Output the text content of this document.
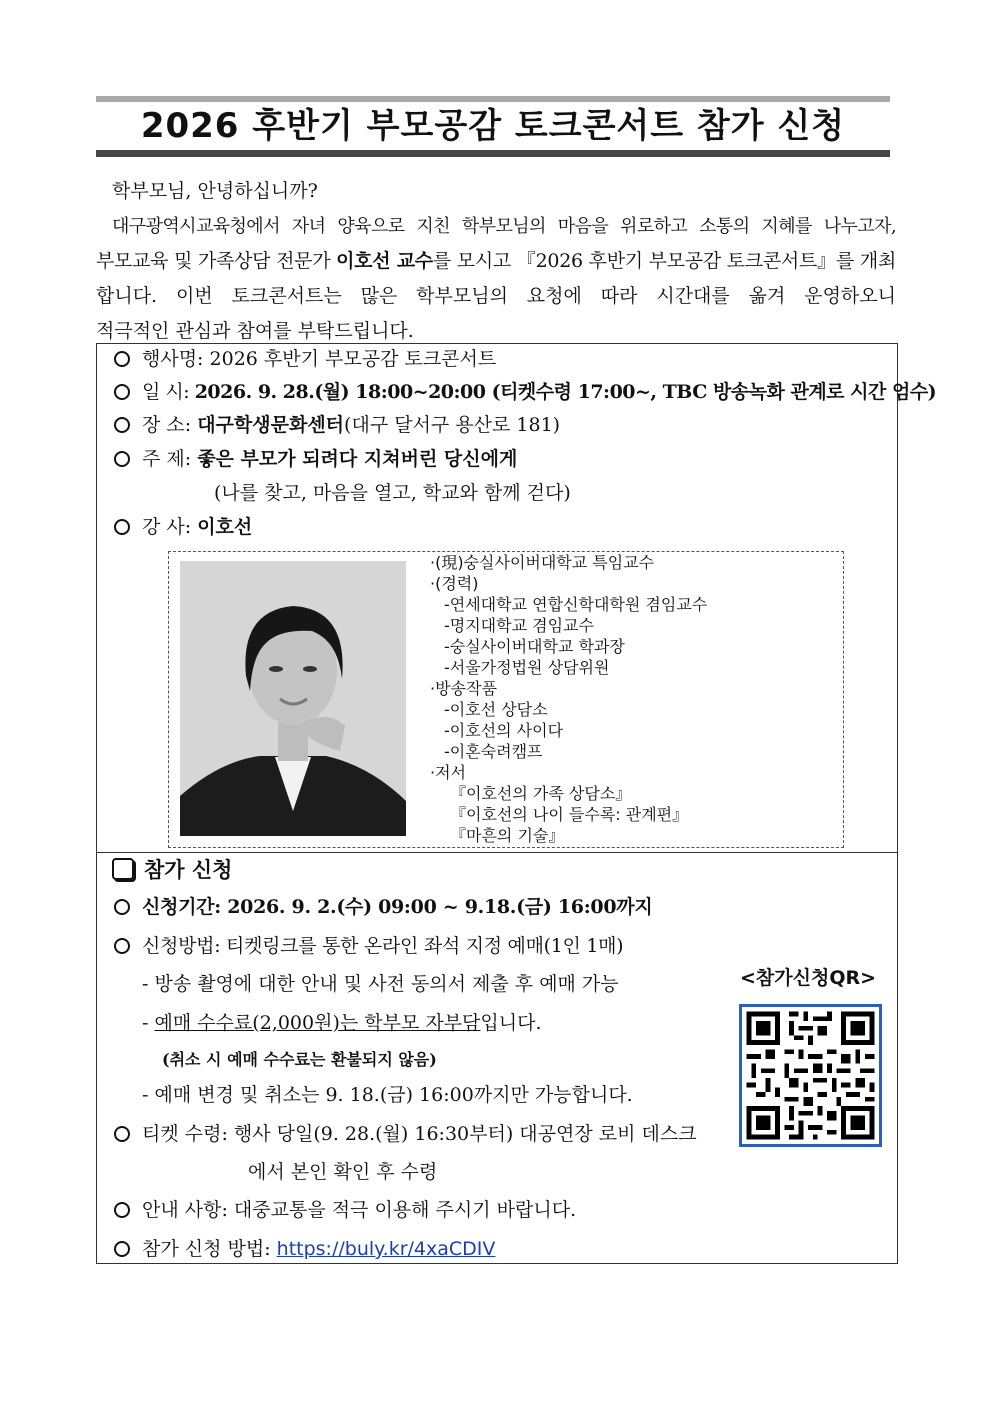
2026 후반기 부모공감 토크콘서트 참가 신청

학부모님, 안녕하십니까?

대구광역시교육청에서 자녀 양육으로 지친 학부모님의 마음을 위로하고 소통의 지혜를 나누고자,

부모교육 및 가족상담 전문가 이호선 교수를 모시고 『2026 후반기 부모공감 토크콘서트』를 개최

합니다. 이번 토크콘서트는 많은 학부모님의 요청에 따라 시간대를 옮겨 운영하오니

적극적인 관심과 참여를 부탁드립니다.

행사명: 2026 후반기 부모공감 토크콘서트
일 시: 2026. 9. 28.(월) 18:00~20:00 (티켓수령 17:00~, TBC 방송녹화 관계로 시간 엄수)
장 소: 대구학생문화센터(대구 달서구 용산로 181)
주 제: 좋은 부모가 되려다 지쳐버린 당신에게
(나를 찾고, 마음을 열고, 학교와 함께 걷다)
강 사: 이호선
·(現)숭실사이버대학교 특임교수
·(경력)
-연세대학교 연합신학대학원 겸임교수
-명지대학교 겸임교수
-숭실사이버대학교 학과장
-서울가정법원 상담위원
·방송작품
-이호선 상담소
-이호선의 사이다
-이혼숙려캠프
·저서
『이호선의 가족 상담소』
『이호선의 나이 들수록: 관계편』
『마흔의 기술』
참가 신청
신청기간: 2026. 9. 2.(수) 09:00 ~ 9.18.(금) 16:00까지
신청방법: 티켓링크를 통한 온라인 좌석 지정 예매(1인 1매)
- 방송 촬영에 대한 안내 및 사전 동의서 제출 후 예매 가능
- 예매 수수료(2,000원)는 학부모 자부담입니다.
(취소 시 예매 수수료는 환불되지 않음)
- 예매 변경 및 취소는 9. 18.(금) 16:00까지만 가능합니다.
티켓 수령: 행사 당일(9. 28.(월) 16:30부터) 대공연장 로비 데스크
에서 본인 확인 후 수령
안내 사항: 대중교통을 적극 이용해 주시기 바랍니다.
참가 신청 방법: https://buly.kr/4xaCDIV
<참가신청QR>
